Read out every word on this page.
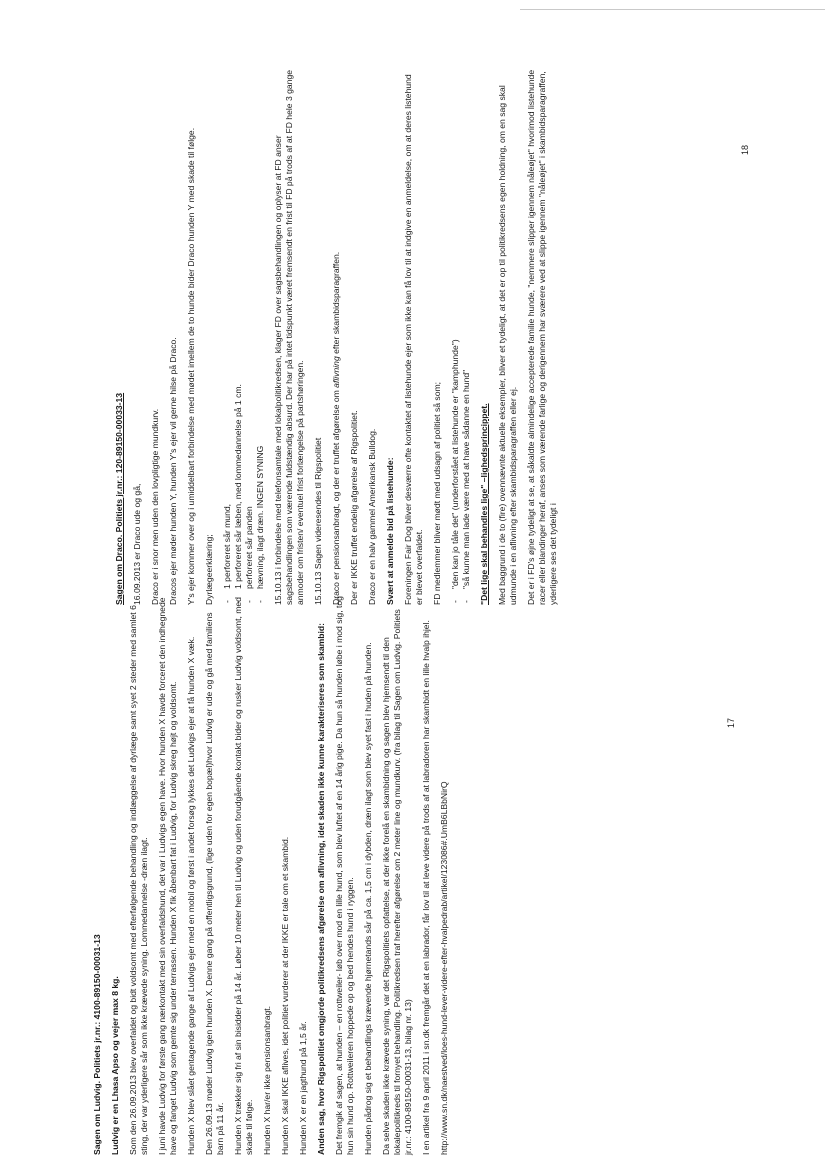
Sagen om Ludvig. Politiets jr.nr.: 4100-89150-00031-13 Ludvig er en Lhasa Apso og vejer max 8 kg. Som den 26.09.2013 blev overfaldet og bidt voldsomt med efterfølgende behandling og indlæggelse af dyrlæge samt syet 2 steder med samlet 6 sting, der var yderligere sår som ikke krævede syning. Lommedannelse -dræn ilagt. I juni havde Ludvig for første gang nærkontakt med sin overfaldshund, det var i Ludvigs egen have. Hvor hunden X havde forceret den indhegnede have og fanget Ludvig som gemte sig under terrassen. Hunden X fik åbenbart fat i Ludvig, for Ludvig skreg højt og voldsomt. Hunden X blev slået gentagende gange af Ludvigs ejer med en mobil og først i andet forsøg lykkes det Ludvigs ejer at få hunden X væk. Den 26.09.13 møder Ludvig igen hunden X. Denne gang på offentligsgrund, (lige uden for egen bopæl)hvor Ludvig er ude og gå med familiens barn på 11 år. Hunden X trækker sig fri af sin bisidder på 14 år. Løber 10 meter hen til Ludvig og uden forudgående kontakt bider og rusker Ludvig voldsomt, med skade til følge. Hunden X har/er ikke pensionsanbragt. Hunden X skal IKKE aflives, idet politiet vurderer at der IKKE er tale om et skambid. Hunden X er en jagthund på 1,5 år. Anden sag, hvor Rigspolitiet omgjorde politikredsens afgørelse om aflivning, idet skaden ikke kunne karakteriseres som skambid: Det fremgik af sagen, at hunden – en rottweiler- løb over mod en lille hund, som blev luftet af en 14 årig pige. Da hun så hunden løbe i mod sig, tog hun sin hund op. Rottweileren hoppede op og bed hendes hund i ryggen. Hunden pådrog sig et behandlings krævende hjørnetands sår på ca. 1,5 cm i dybden, dræn ilagt som blev syet fast i huden på hunden. Da selve skaden ikke krævede syning, var det Rigspolitiets opfattelse, at der ikke forelå en skambidning og sagen blev hjemsendt til den lokalepolitikreds til fornyet behandling. Politikredsen traf herefter afgørelse om 2 meter line og mundkurv. (fra bilag til Sagen om Ludvig. Politiets jr.nr.: 4100-89150-00031-13, bilag nr. 13) I en artikel fra 9 april 2011 i sn.dk fremgår det at en labrador, får lov til at leve videre på trods af at labradoren har skambidt en lille hvalp ihjel. http://www.sn.dk/naestved/loes-hund-lever-videre-efter-hvalpedrab/artikel/123086#.UmB6LBbNirQ

17

Sagen om Draco. Politiets jr.nr.: 120-89150-00033-13 16.09.2013 er Draco ude og gå, Draco er i snor men uden den lovpligtige mundkurv. Dracos ejer møder hunden Y, hunden Y's ejer vil gerne hilse på Draco. Y's ejer kommer over og i umiddelbart forbindelse med mødet imellem de to hunde bider Draco hunden Y med skade til følge. Dyrlægeerklæring; - 1 perforeret sår mund, - 1 perforeret sår læben, med lommedannelse på 1 cm. - perforeret sår panden - hævning, ilagt dræn. INGEN SYNING 15.10.13 i forbindelse med telefonsamtale med lokalpolitikredsen, klager FD over sagsbehandlingen og oplyser at FD anser sagsbehandlingen som værende fuldstændig absurd. Der har på intet tidspunkt været fremsendt en frist til FD på trods af at FD hele 3 gange anmoder om fristen/ eventuel frist forlængelse på partshøringen. 15.10.13 Sagen videresendes til Rigspolitiet Draco er pensionsanbragt, og der er truffet afgørelse om aflivning efter skambidsparagraffen.

Der er IKKE truffet endelig afgørelse af Rigspolitiet. Draco er en halv gammel Amerikansk Bulldog. Svært at anmelde bid på listehunde: Foreningen Fair Dog bliver desværre ofte kontaktet af listehunde ejer som ikke kan få lov til at indgive en anmeldelse, om at deres listehund er blevet overfaldet. FD medlemmer bliver mødt med udsagn af politiet så som; - "den kan jo tåle det" (underforstået at listehunde er "kamphunde") - "så kunne man lade være med at have sådanne en hund" "Det lige skal behandles lige" –lighedsprincippet. Med baggrund i de to (fire) ovennævnte aktuelle eksempler, bliver et tydeligt, at det er op til politikredsens egen holdning, om en sag skal udmunde i en aflivning efter skambidsparagraffen eller ej. Det er i FD's øjne tydeligt at se, at såkaldte almindelige accepterede familie hunde, "nemmere slipper igennem nåleøjet" hvorimod listehunde racer eller blandinger heraf, anses som værende farlige og derigennem har sværere ved at slippe igennem "nåleøjet" i skambidsparagraffen, yderligere ses det tydeligt i

18
